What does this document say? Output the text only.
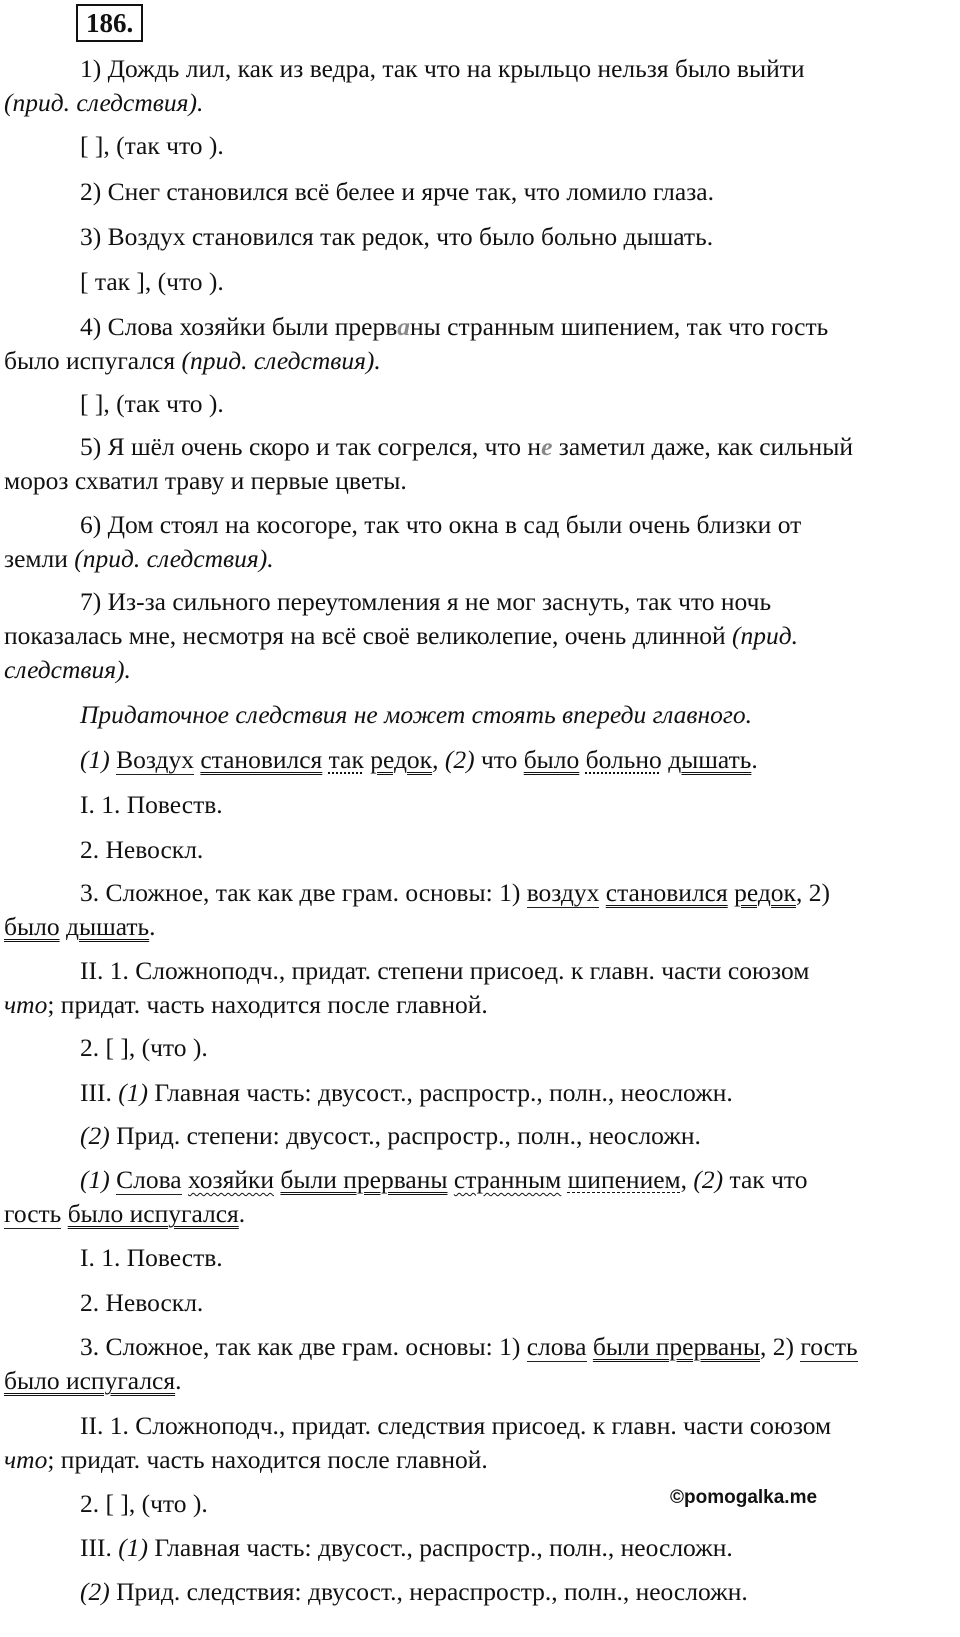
186.

1) Дождь лил, как из ведра, так что на крыльцо нельзя было выйти

(прид. следствия).

[ ], (так что ).

2) Снег становился всё белее и ярче так, что ломило глаза.

3) Воздух становился так редок, что было больно дышать.

[ так ], (что ).

4) Слова хозяйки были прерваны странным шипением, так что гость

было испугался (прид. следствия).

[ ], (так что ).

5) Я шёл очень скоро и так согрелся, что не заметил даже, как сильный

мороз схватил траву и первые цветы.

6) Дом стоял на косогоре, так что окна в сад были очень близки от

земли (прид. следствия).

7) Из-за сильного переутомления я не мог заснуть, так что ночь

показалась мне, несмотря на всё своё великолепие, очень длинной (прид.

следствия).

Придаточное следствия не может стоять впереди главного.

(1) Воздух становился так редок, (2) что было больно дышать.

I. 1. Повеств.

2. Невоскл.

3. Сложное, так как две грам. основы: 1) воздух становился редок, 2)

было дышать.

II. 1. Сложноподч., придат. степени присоед. к главн. части союзом

что; придат. часть находится после главной.

2. [ ], (что ).

III. (1) Главная часть: двусост., распростр., полн., неосложн.

(2) Прид. степени: двусост., распростр., полн., неосложн.

(1) Слова хозяйки были прерваны странным шипением, (2) так что

гость было испугался.

I. 1. Повеств.

2. Невоскл.

3. Сложное, так как две грам. основы: 1) слова были прерваны, 2) гость

было испугался.

II. 1. Сложноподч., придат. следствия присоед. к главн. части союзом

что; придат. часть находится после главной.

2. [ ], (что ).

III. (1) Главная часть: двусост., распростр., полн., неосложн.

(2) Прид. следствия: двусост., нераспростр., полн., неосложн.

©pomogalka.me
